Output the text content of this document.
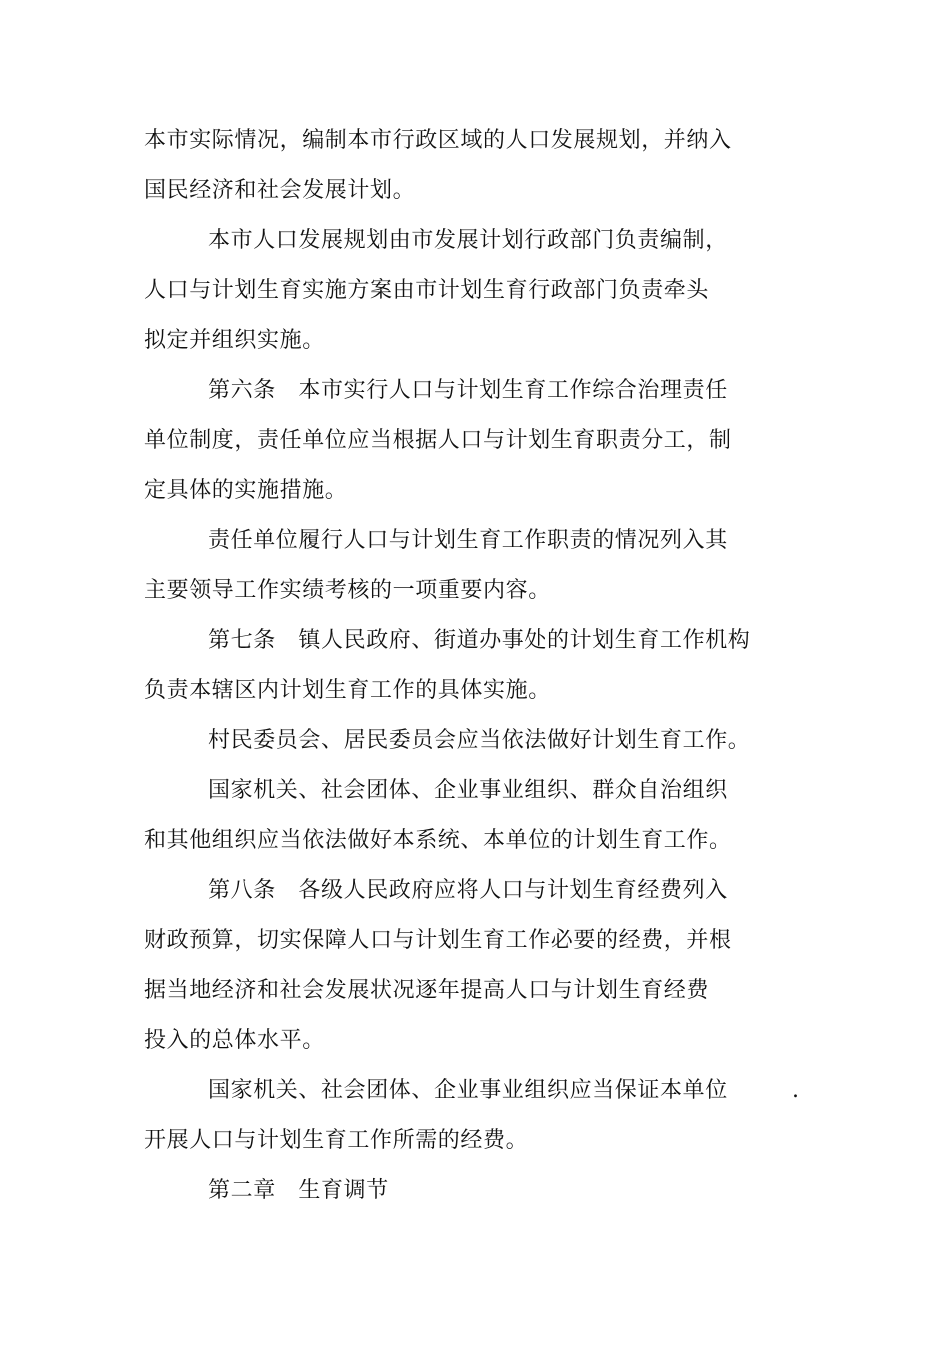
本市实际情况，编制本市行政区域的人口发展规划，并纳入
国民经济和社会发展计划。
本市人口发展规划由市发展计划行政部门负责编制，
人口与计划生育实施方案由市计划生育行政部门负责牵头
拟定并组织实施。
第六条　本市实行人口与计划生育工作综合治理责任
单位制度，责任单位应当根据人口与计划生育职责分工，制
定具体的实施措施。
责任单位履行人口与计划生育工作职责的情况列入其
主要领导工作实绩考核的一项重要内容。
第七条　镇人民政府、街道办事处的计划生育工作机构
负责本辖区内计划生育工作的具体实施。
村民委员会、居民委员会应当依法做好计划生育工作。
国家机关、社会团体、企业事业组织、群众自治组织
和其他组织应当依法做好本系统、本单位的计划生育工作。
第八条　各级人民政府应将人口与计划生育经费列入
财政预算，切实保障人口与计划生育工作必要的经费，并根
据当地经济和社会发展状况逐年提高人口与计划生育经费
投入的总体水平。
国家机关、社会团体、企业事业组织应当保证本单位	.
开展人口与计划生育工作所需的经费。
第二章　生育调节
